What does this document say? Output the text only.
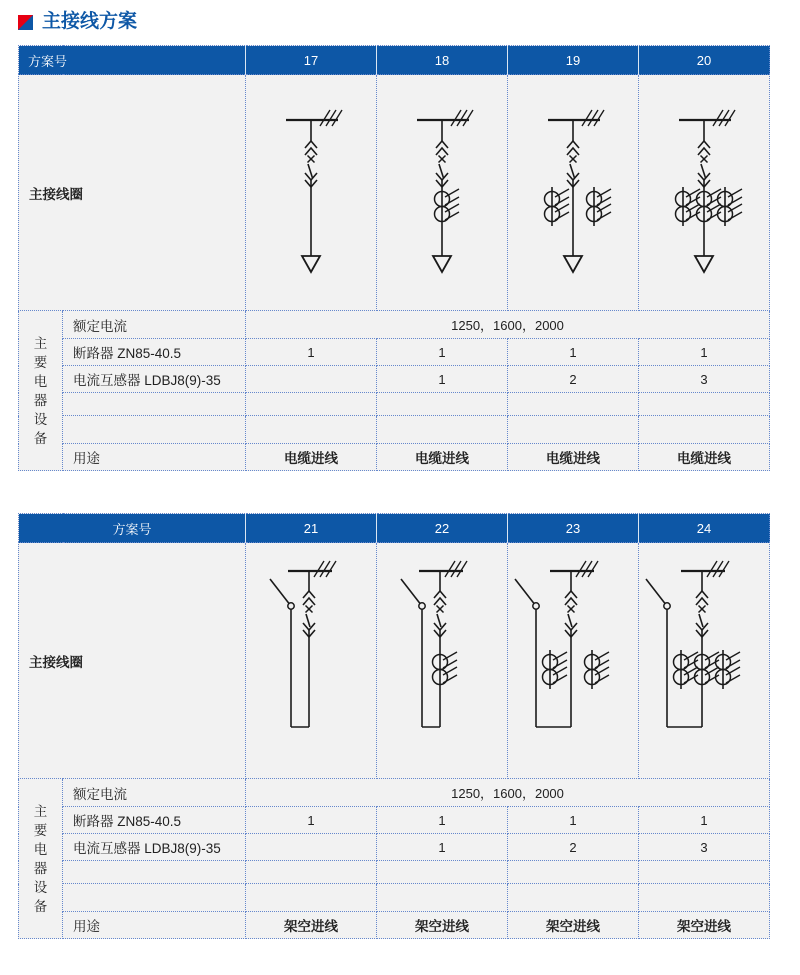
主接线方案
方案号		17	18	19	20
主接线圈	

主要电器设备	额定电流	1250，1600，2000			
	断路器 ZN85-40.5	1	1	1	1
	电流互感器 LDBJ8(9)-35		1	2	3

	用途	电缆进线	电缆进线	电缆进线	电缆进线
方案号		21	22	23	24
主接线圈	

主要电器设备	额定电流	1250，1600，2000			
	断路器 ZN85-40.5	1	1	1	1
	电流互感器 LDBJ8(9)-35		1	2	3

	用途	架空进线	架空进线	架空进线	架空进线
